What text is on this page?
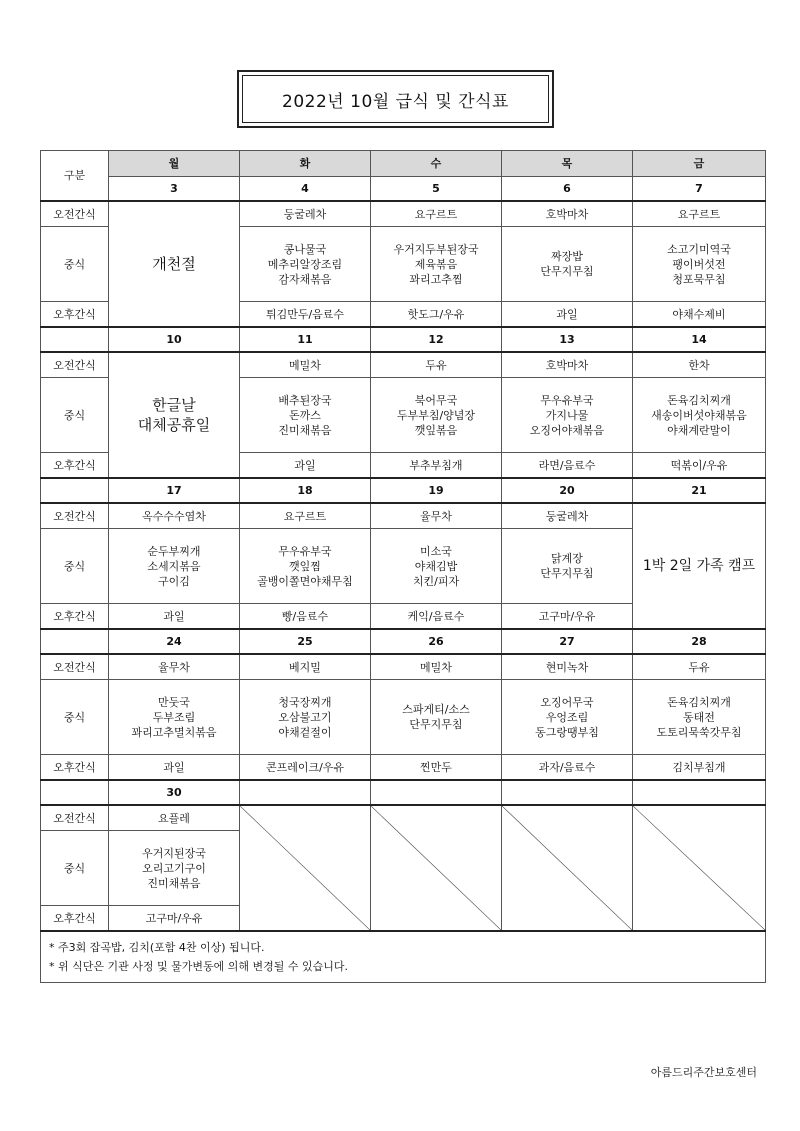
2022년 10월 급식 및 간식표
구분	월	화	수	목	금
	3	4	5	6	7
오전간식	개천절	둥굴레차	요구르트	호박마차	요구르트
중식		콩나물국
메추리알장조림
감자채볶음	우거지두부된장국
제육볶음
꽈리고추찜	짜장밥
단무지무침	소고기미역국
팽이버섯전
청포묵무침

오후간식		튀김만두/음료수	핫도그/우유	과일	야채수제비
	10	11	12	13	14
오전간식	한글날
대체공휴일	메밀차	두유	호박마차	한차
중식		배추된장국
돈까스
진미채볶음	북어무국
두부부침/양념장
깻잎볶음	무우유부국
가지나물
오징어야채볶음	돈육김치찌개
새송이버섯야채볶음
야채계란말이

오후간식		과일	부추부침개	라면/음료수	떡볶이/우유
	17	18	19	20	21
오전간식	옥수수수염차	요구르트	율무차	둥굴레차	1박 2일 가족 캠프
중식	순두부찌개
소세지볶음
구이김	무우유부국
깻잎찜
골뱅이쫄면야채무침	미소국
야채김밥
치킨/피자	닭계장
단무지무침	

오후간식	과일	빵/음료수	케익/음료수	고구마/우유	
	24	25	26	27	28
오전간식	율무차	베지밀	메밀차	현미녹차	두유
중식	만둣국
두부조림
꽈리고추멸치볶음	청국장찌개
오삼불고기
야채겉절이	스파게티/소스
단무지무침	오징어무국
우엉조림
동그랑땡부침	돈육김치찌개
동태전
도토리묵쑥갓무침

오후간식	과일	콘프레이크/우유	찐만두	과자/음료수	김치부침개
	30				
오전간식	요플레	

중식	우거지된장국
오리고기구이
진미채볶음				

오후간식	고구마/우유				

* 주3회 잡곡밥, 김치(포함 4찬 이상) 됩니다.
* 위 식단은 기관 사정 및 물가변동에 의해 변경될 수 있습니다.					
아름드리주간보호센터
